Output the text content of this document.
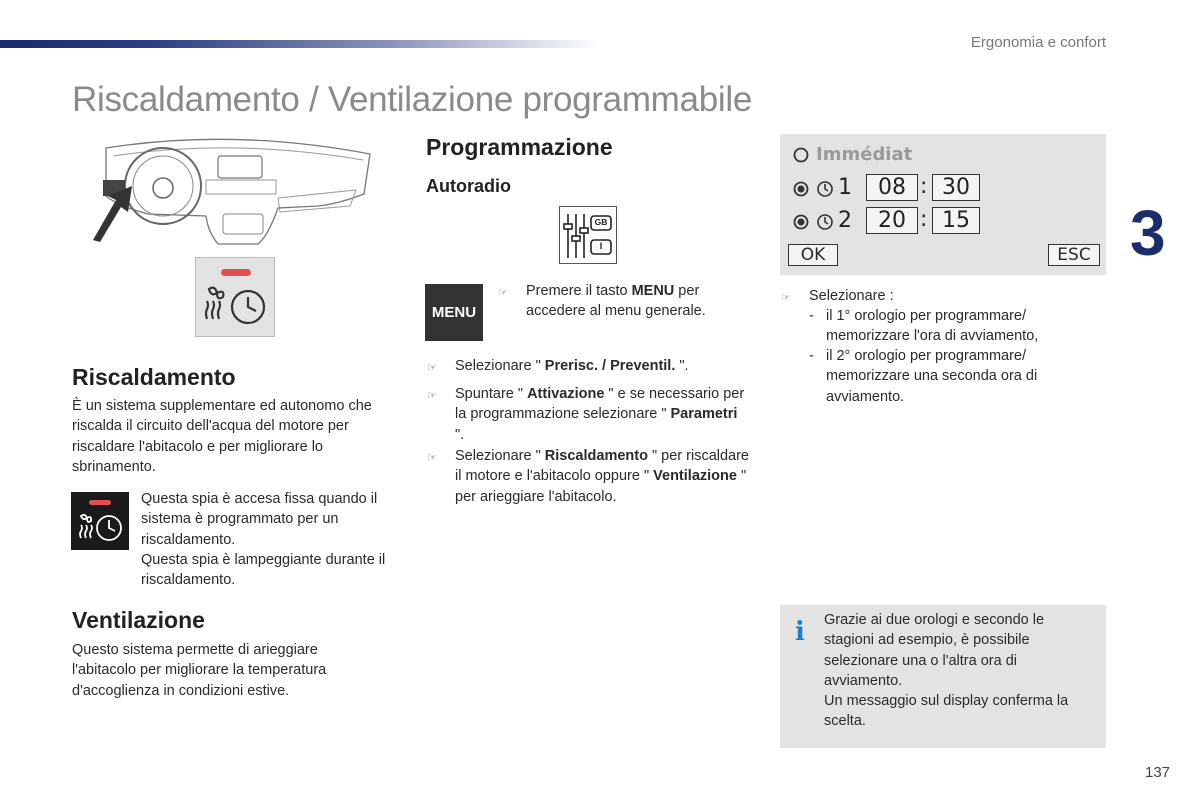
Ergonomia e confort
Riscaldamento / Ventilazione programmabile
3
137
Riscaldamento
È un sistema supplementare ed autonomo che riscalda il circuito dell'acqua del motore per riscaldare l'abitacolo e per migliorare lo sbrinamento.
Questa spia è accesa fissa quando il sistema è programmato per un riscaldamento.
Questa spia è lampeggiante durante il riscaldamento.
Ventilazione
Questo sistema permette di arieggiare l'abitacolo per migliorare la temperatura d'accoglienza in condizioni estive.
Programmazione
Autoradio
GB
I
MENU
☞ Premere il tasto MENU per accedere al menu generale.
☞ Selezionare " Prerisc. / Preventil. ".
☞ Spuntare " Attivazione " e se necessario per la programmazione selezionare " Parametri ".
☞ Selezionare " Riscaldamento " per riscaldare il motore e l'abitacolo oppure " Ventilazione " per arieggiare l'abitacolo.
Immédiat
1	08 : 30
2	20 : 15
OK	ESC
☞ Selezionare :
- il 1° orologio per programmare/ memorizzare l'ora di avviamento,
- il 2° orologio per programmare/ memorizzare una seconda ora di avviamento.
i Grazie ai due orologi e secondo le stagioni ad esempio, è possibile selezionare una o l'altra ora di avviamento.
Un messaggio sul display conferma la scelta.
